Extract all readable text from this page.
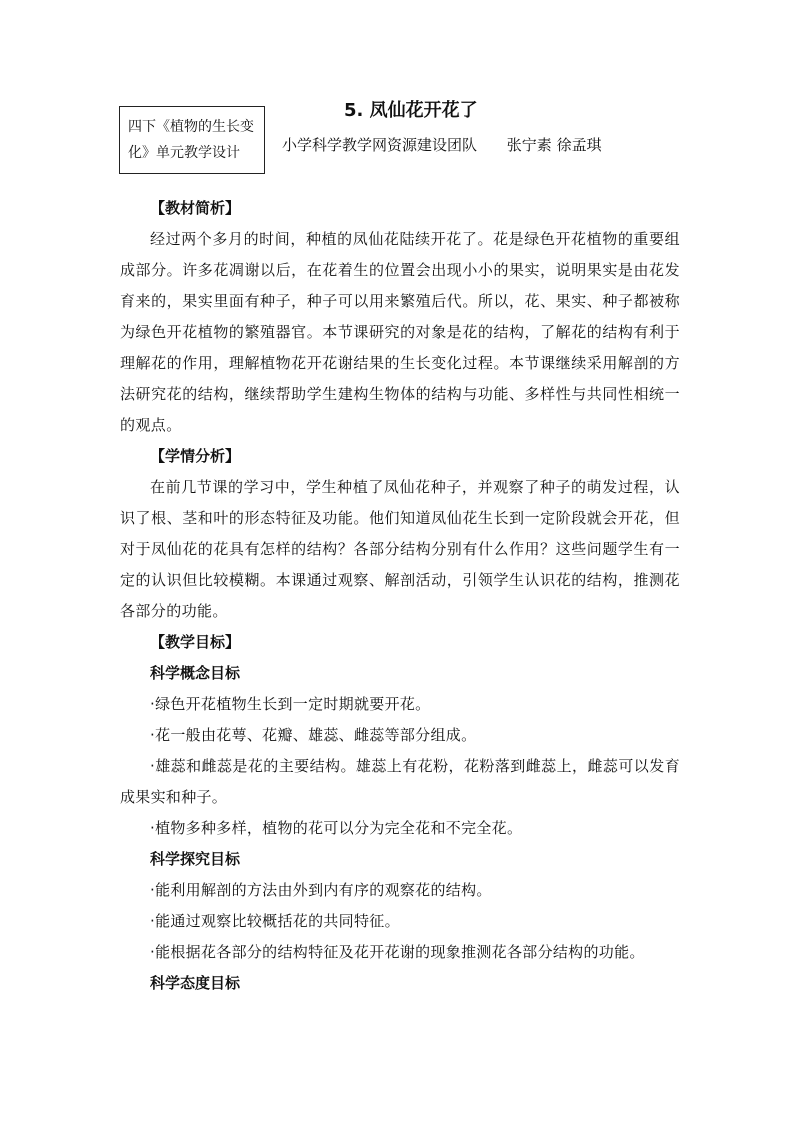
四下《植物的生长变
化》单元教学设计
5. 凤仙花开花了
小学科学教学网资源建设团队 张宁素 徐孟琪
【教材简析】

经过两个多月的时间，种植的凤仙花陆续开花了。花是绿色开花植物的重要组成部分。许多花凋谢以后，在花着生的位置会出现小小的果实，说明果实是由花发育来的，果实里面有种子，种子可以用来繁殖后代。所以，花、果实、种子都被称为绿色开花植物的繁殖器官。本节课研究的对象是花的结构，了解花的结构有利于理解花的作用，理解植物花开花谢结果的生长变化过程。本节课继续采用解剖的方法研究花的结构，继续帮助学生建构生物体的结构与功能、多样性与共同性相统一的观点。

【学情分析】

在前几节课的学习中，学生种植了凤仙花种子，并观察了种子的萌发过程，认识了根、茎和叶的形态特征及功能。他们知道凤仙花生长到一定阶段就会开花，但对于凤仙花的花具有怎样的结构？各部分结构分别有什么作用？这些问题学生有一定的认识但比较模糊。本课通过观察、解剖活动，引领学生认识花的结构，推测花各部分的功能。

【教学目标】
科学概念目标

·绿色开花植物生长到一定时期就要开花。

·花一般由花萼、花瓣、雄蕊、雌蕊等部分组成。

·雄蕊和雌蕊是花的主要结构。雄蕊上有花粉，花粉落到雌蕊上，雌蕊可以发育成果实和种子。

·植物多种多样，植物的花可以分为完全花和不完全花。

科学探究目标

·能利用解剖的方法由外到内有序的观察花的结构。

·能通过观察比较概括花的共同特征。

·能根据花各部分的结构特征及花开花谢的现象推测花各部分结构的功能。

科学态度目标
